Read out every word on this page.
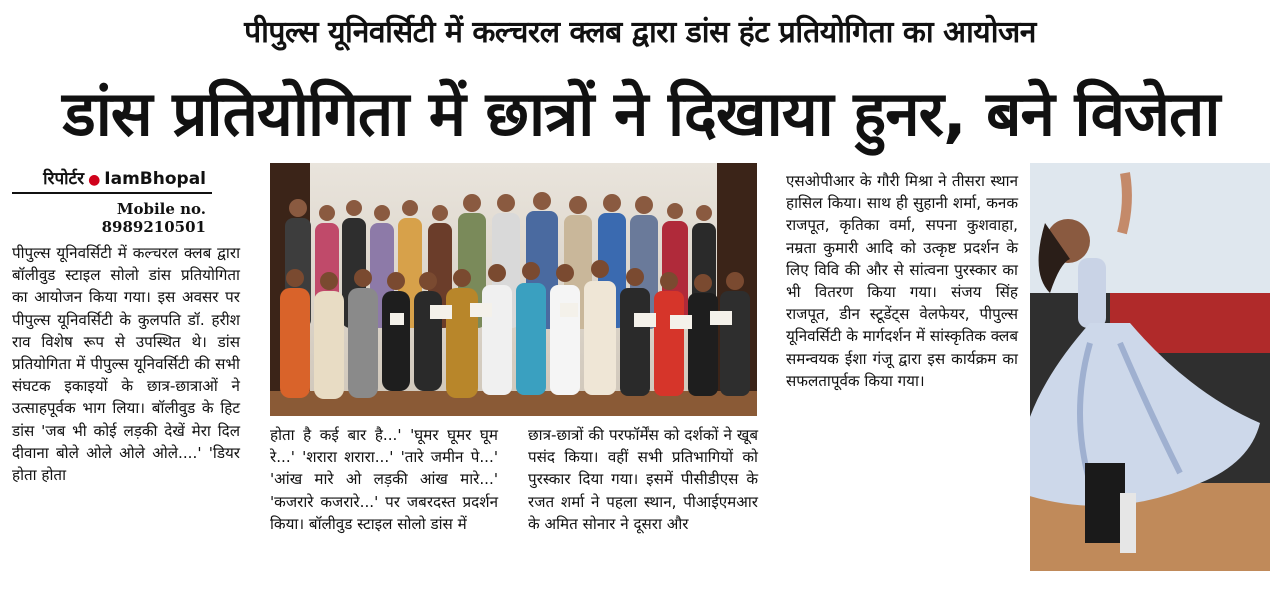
पीपुल्स यूनिवर्सिटी में कल्चरल क्लब द्वारा डांस हंट प्रतियोगिता का आयोजन
डांस प्रतियोगिता में छात्रों ने दिखाया हुनर, बने विजेता
रिपोर्टर ● IamBhopal
Mobile no. 8989210501
पीपुल्स यूनिवर्सिटी में कल्चरल क्लब द्वारा बॉलीवुड स्टाइल सोलो डांस प्रतियोगिता का आयोजन किया गया। इस अवसर पर पीपुल्स यूनिवर्सिटी के कुलपति डॉ. हरीश राव विशेष रूप से उपस्थित थे। डांस प्रतियोगिता में पीपुल्स यूनिवर्सिटी की सभी संघटक इकाइयों के छात्र-छात्राओं ने उत्साहपूर्वक भाग लिया। बॉलीवुड के हिट डांस 'जब भी कोई लड़की देखें मेरा दिल दीवाना बोले ओले ओले ओले....' 'डियर होता होता
होता है कई बार है...' 'घूमर घूमर घूम रे...' 'शरारा शरारा...' 'तारे जमीन पे...' 'आंख मारे ओ लड़की आंख मारे...' 'कजरारे कजरारे...' पर जबरदस्त प्रदर्शन किया। बॉलीवुड स्टाइल सोलो डांस में
छात्र-छात्रों की परफॉर्मेंस को दर्शकों ने खूब पसंद किया। वहीं सभी प्रतिभागियों को पुरस्कार दिया गया। इसमें पीसीडीएस के रजत शर्मा ने पहला स्थान, पीआईएमआर के अमित सोनार ने दूसरा और
एसओपीआर के गौरी मिश्रा ने तीसरा स्थान हासिल किया। साथ ही सुहानी शर्मा, कनक राजपूत, कृतिका वर्मा, सपना कुशवाहा, नम्रता कुमारी आदि को उत्कृष्ट प्रदर्शन के लिए विवि की और से सांत्वना पुरस्कार का भी वितरण किया गया। संजय सिंह राजपूत, डीन स्टूडेंट्स वेलफेयर, पीपुल्स यूनिवर्सिटी के मार्गदर्शन में सांस्कृतिक क्लब समन्वयक ईशा गंजू द्वारा इस कार्यक्रम का सफलतापूर्वक किया गया।
